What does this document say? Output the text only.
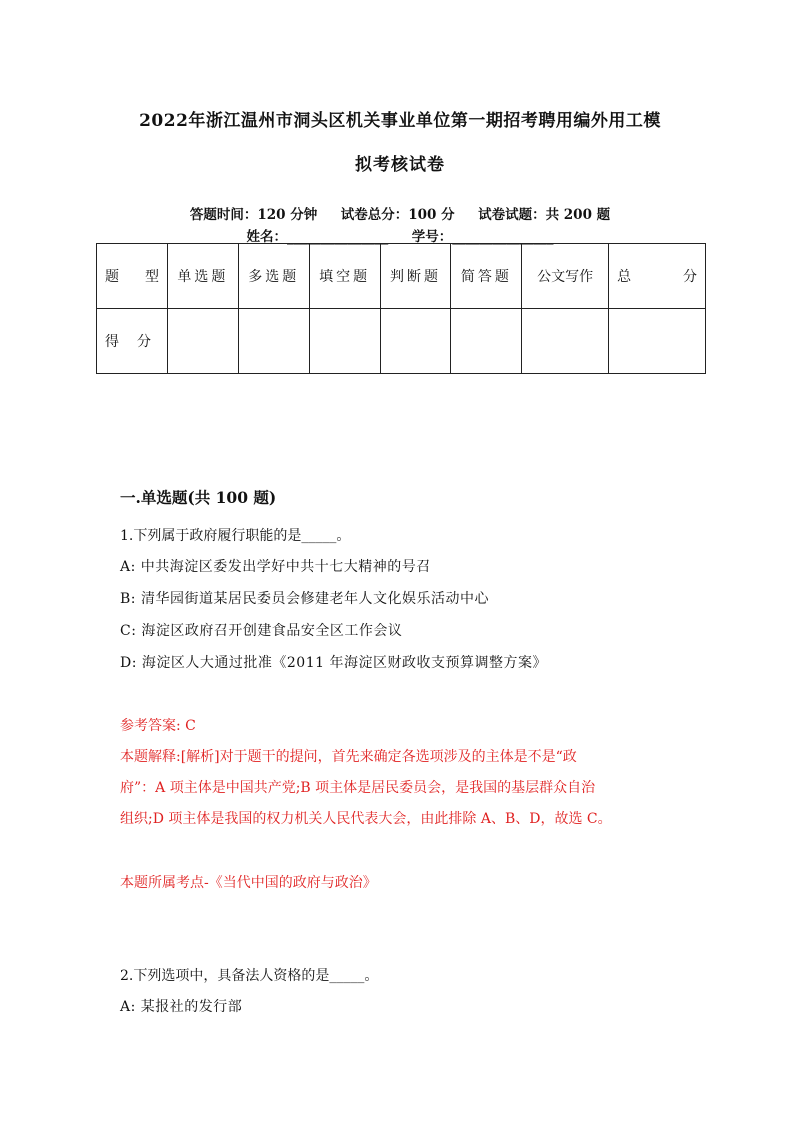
2022年浙江温州市洞头区机关事业单位第一期招考聘用编外用工模
拟考核试卷
答题时间：120 分钟     试卷总分：100 分     试卷试题：共 200 题
姓名：_______________     学号：_______________
题 型	单选题	多选题	填空题	判断题	简答题	公文写作	总 分

得 分							

一.单选题(共 100 题)
1.下列属于政府履行职能的是_____。
A: 中共海淀区委发出学好中共十七大精神的号召
B: 清华园街道某居民委员会修建老年人文化娱乐活动中心
C: 海淀区政府召开创建食品安全区工作会议
D: 海淀区人大通过批准《2011 年海淀区财政收支预算调整方案》
参考答案: C
本题解释:[解析]对于题干的提问，首先来确定各选项涉及的主体是不是“政
府”：A 项主体是中国共产党;B 项主体是居民委员会，是我国的基层群众自治
组织;D 项主体是我国的权力机关人民代表大会，由此排除 A、B、D，故选 C。
本题所属考点-《当代中国的政府与政治》
2.下列选项中，具备法人资格的是_____。
A: 某报社的发行部
